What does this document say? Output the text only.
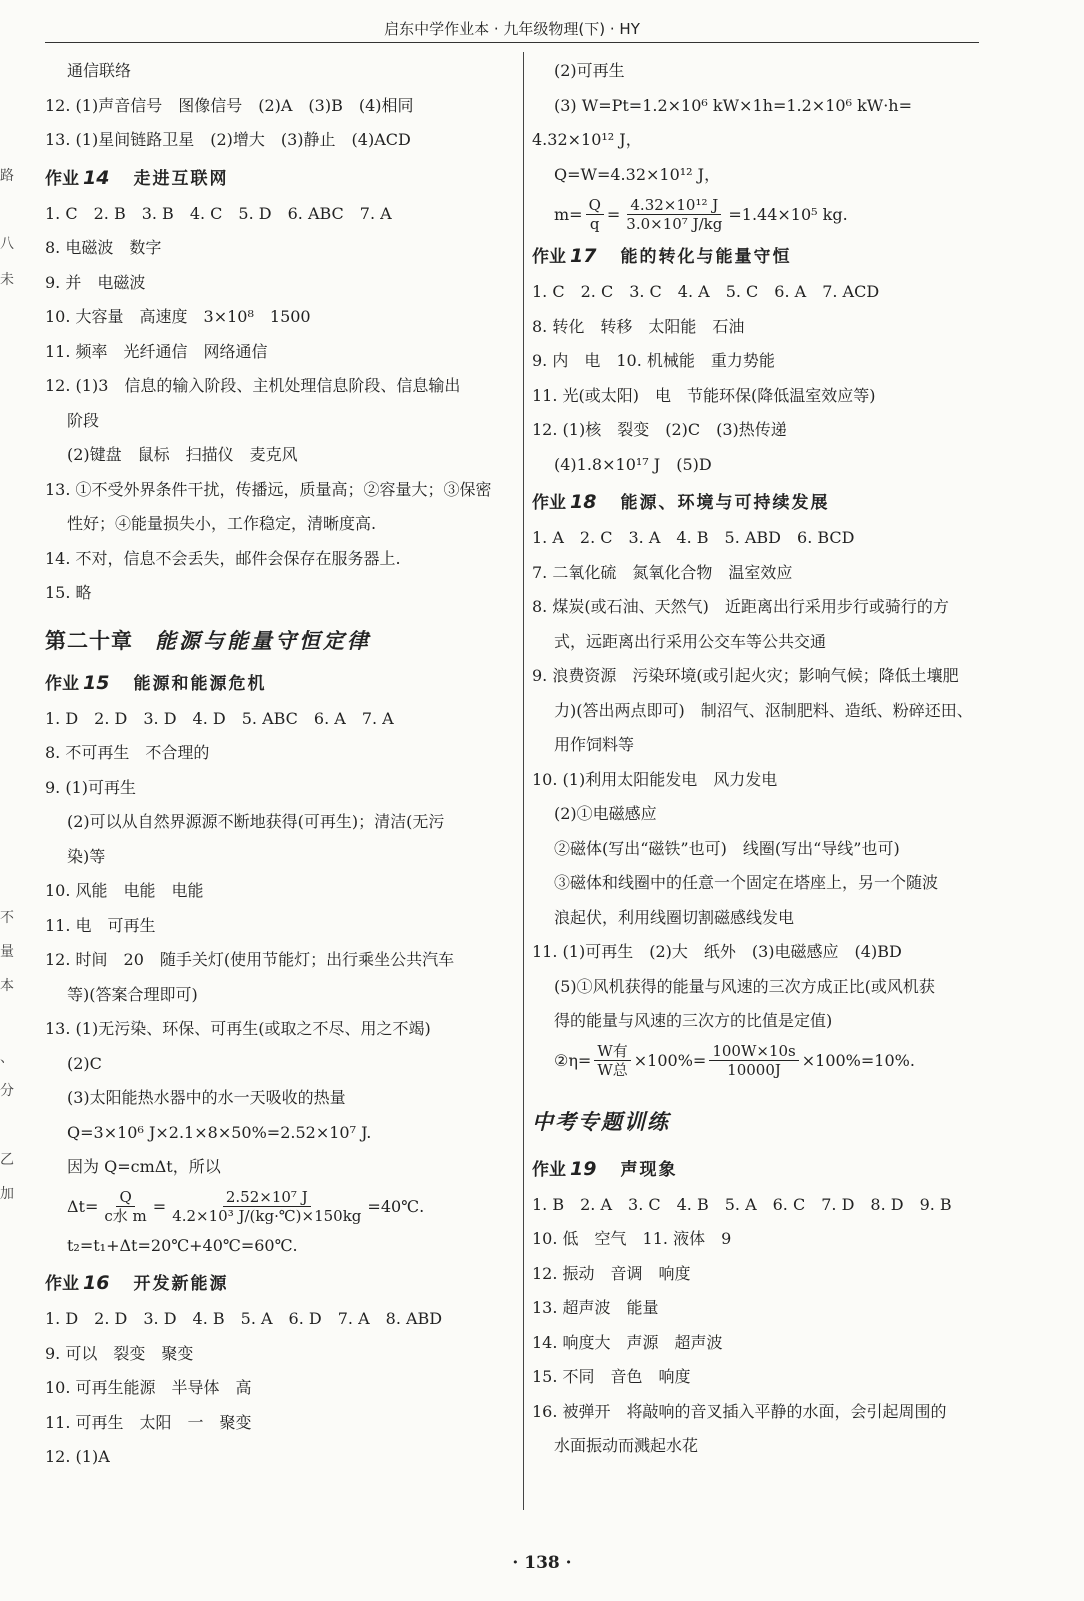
启东中学作业本 · 九年级物理(下) · HY
路
八
未
不
量
本
、
分
乙
加
通信联络
12. (1)声音信号　图像信号　(2)A　(3)B　(4)相同
13. (1)星间链路卫星　(2)增大　(3)静止　(4)ACD
作业 14 走进互联网
1. C　2. B　3. B　4. C　5. D　6. ABC　7. A
8. 电磁波　数字
9. 并　电磁波
10. 大容量　高速度　3×10⁸　1500
11. 频率　光纤通信　网络通信
12. (1)3　信息的输入阶段、主机处理信息阶段、信息输出
阶段
(2)键盘　鼠标　扫描仪　麦克风
13. ①不受外界条件干扰，传播远，质量高；②容量大；③保密
性好；④能量损失小，工作稳定，清晰度高.
14. 不对，信息不会丢失，邮件会保存在服务器上.
15. 略
第二十章 能源与能量守恒定律
作业 15 能源和能源危机
1. D　2. D　3. D　4. D　5. ABC　6. A　7. A
8. 不可再生　不合理的
9. (1)可再生
(2)可以从自然界源源不断地获得(可再生)；清洁(无污
染)等
10. 风能　电能　电能
11. 电　可再生
12. 时间　20　随手关灯(使用节能灯；出行乘坐公共汽车
等)(答案合理即可)
13. (1)无污染、环保、可再生(或取之不尽、用之不竭)
(2)C
(3)太阳能热水器中的水一天吸收的热量
Q=3×10⁶ J×2.1×8×50%=2.52×10⁷ J.
因为 Q=cmΔt，所以
$\Delta t= \frac{Q}{\text{c水 m}} = \frac{\text{2.52×10⁷ J}}{\text{4.2×10³ J/(kg·℃)×150kg}}$ =40℃.
t₂=t₁+Δt=20℃+40℃=60℃.
作业 16 开发新能源
1. D　2. D　3. D　4. B　5. A　6. D　7. A　8. ABD
9. 可以　裂变　聚变
10. 可再生能源　半导体　高
11. 可再生　太阳　一　聚变
12. (1)A
(2)可再生
(3) W=Pt=1.2×10⁶ kW×1h=1.2×10⁶ kW·h=
4.32×10¹² J，
Q=W=4.32×10¹² J，
$m= \frac{Q}{q} = \frac{\text{4.32×10¹² J}}{\text{3.0×10⁷ J/kg}} =1.44\times 10^5$ kg.
作业 17 能的转化与能量守恒
1. C　2. C　3. C　4. A　5. C　6. A　7. ACD
8. 转化　转移　太阳能　石油
9. 内　电　10. 机械能　重力势能
11. 光(或太阳)　电　节能环保(降低温室效应等)
12. (1)核　裂变　(2)C　(3)热传递
(4)1.8×10¹⁷ J　(5)D
作业 18 能源、环境与可持续发展
1. A　2. C　3. A　4. B　5. ABD　6. BCD
7. 二氧化硫　氮氧化合物　温室效应
8. 煤炭(或石油、天然气)　近距离出行采用步行或骑行的方
式，远距离出行采用公交车等公共交通
9. 浪费资源　污染环境(或引起火灾；影响气候；降低土壤肥
力)(答出两点即可)　制沼气、沤制肥料、造纸、粉碎还田、
用作饲料等
10. (1)利用太阳能发电　风力发电
(2)①电磁感应
②磁体(写出“磁铁”也可)　线圈(写出“导线”也可)
③磁体和线圈中的任意一个固定在塔座上，另一个随波
浪起伏，利用线圈切割磁感线发电
11. (1)可再生　(2)大　纸外　(3)电磁感应　(4)BD
(5)①风机获得的能量与风速的三次方成正比(或风机获
得的能量与风速的三次方的比值是定值)
②η= $\frac{\text{W有}}{\text{W总}} \times 100\%= \frac{100W\times 10s}{10000J} \times 100\%=10\%$.
中考专题训练
作业 19 声现象
1. B　2. A　3. C　4. B　5. A　6. C　7. D　8. D　9. B
10. 低　空气　11. 液体　9
12. 振动　音调　响度
13. 超声波　能量
14. 响度大　声源　超声波
15. 不同　音色　响度
16. 被弹开　将敲响的音叉插入平静的水面，会引起周围的
水面振动而溅起水花
· 138 ·
